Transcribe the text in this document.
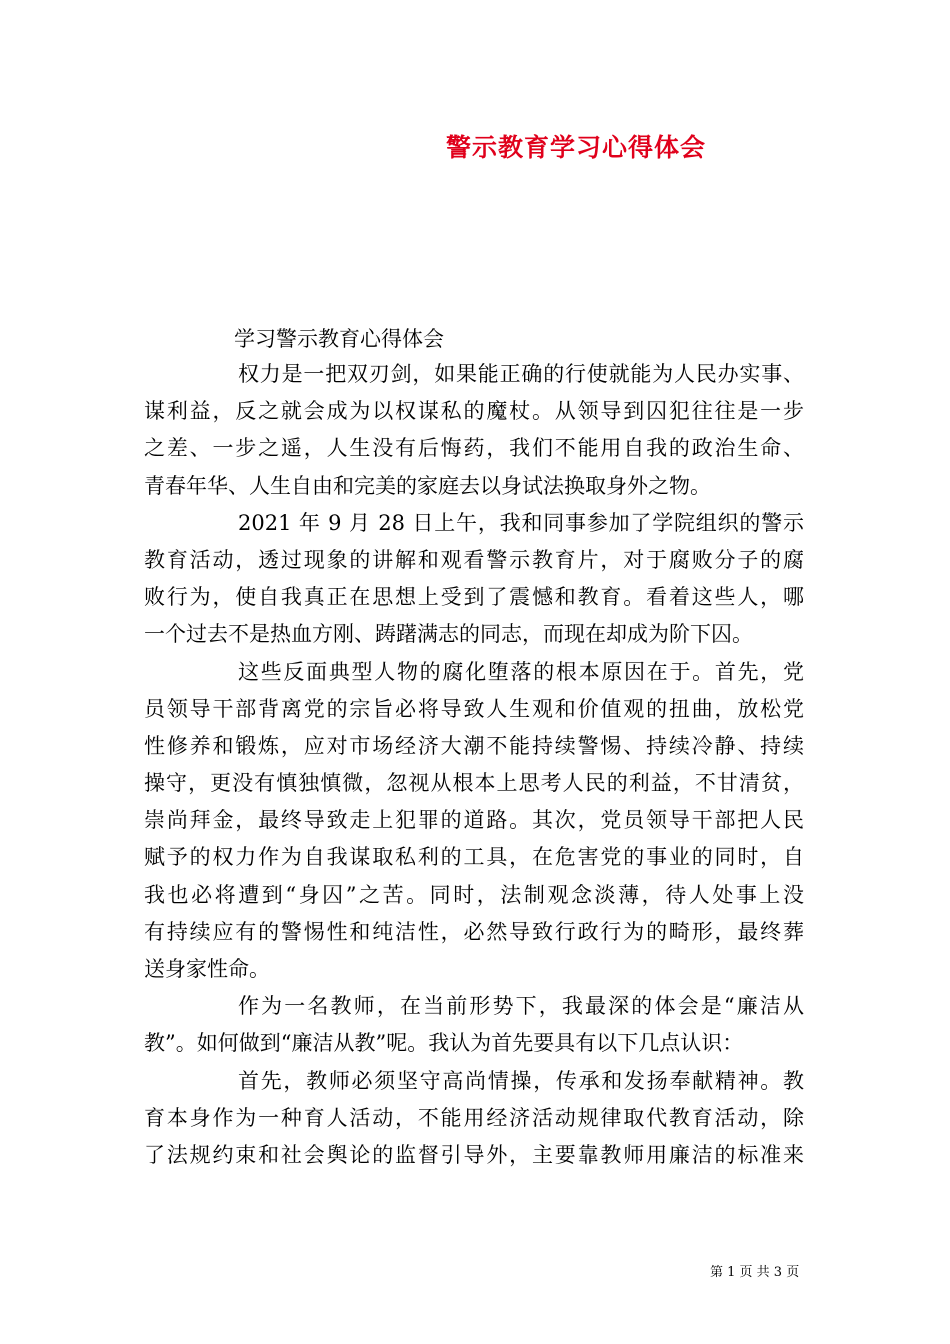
警示教育学习心得体会
学习警示教育心得体会
权力是一把双刃剑，如果能正确的行使就能为人民办实事、
谋利益，反之就会成为以权谋私的魔杖。从领导到囚犯往往是一步
之差、一步之遥，人生没有后悔药，我们不能用自我的政治生命、
青春年华、人生自由和完美的家庭去以身试法换取身外之物。
2021 年 9 月 28 日上午，我和同事参加了学院组织的警示
教育活动，透过现象的讲解和观看警示教育片，对于腐败分子的腐
败行为，使自我真正在思想上受到了震憾和教育。看着这些人，哪
一个过去不是热血方刚、踌躇满志的同志，而现在却成为阶下囚。
这些反面典型人物的腐化堕落的根本原因在于。首先，党
员领导干部背离党的宗旨必将导致人生观和价值观的扭曲，放松党
性修养和锻炼，应对市场经济大潮不能持续警惕、持续冷静、持续
操守，更没有慎独慎微，忽视从根本上思考人民的利益，不甘清贫，
崇尚拜金，最终导致走上犯罪的道路。其次，党员领导干部把人民
赋予的权力作为自我谋取私利的工具，在危害党的事业的同时，自
我也必将遭到“身囚”之苦。同时，法制观念淡薄，待人处事上没
有持续应有的警惕性和纯洁性，必然导致行政行为的畸形，最终葬
送身家性命。
作为一名教师，在当前形势下，我最深的体会是“廉洁从
教”。如何做到“廉洁从教”呢。我认为首先要具有以下几点认识：
首先，教师必须坚守高尚情操，传承和发扬奉献精神。教
育本身作为一种育人活动，不能用经济活动规律取代教育活动，除
了法规约束和社会舆论的监督引导外，主要靠教师用廉洁的标准来
第 1 页 共 3 页
